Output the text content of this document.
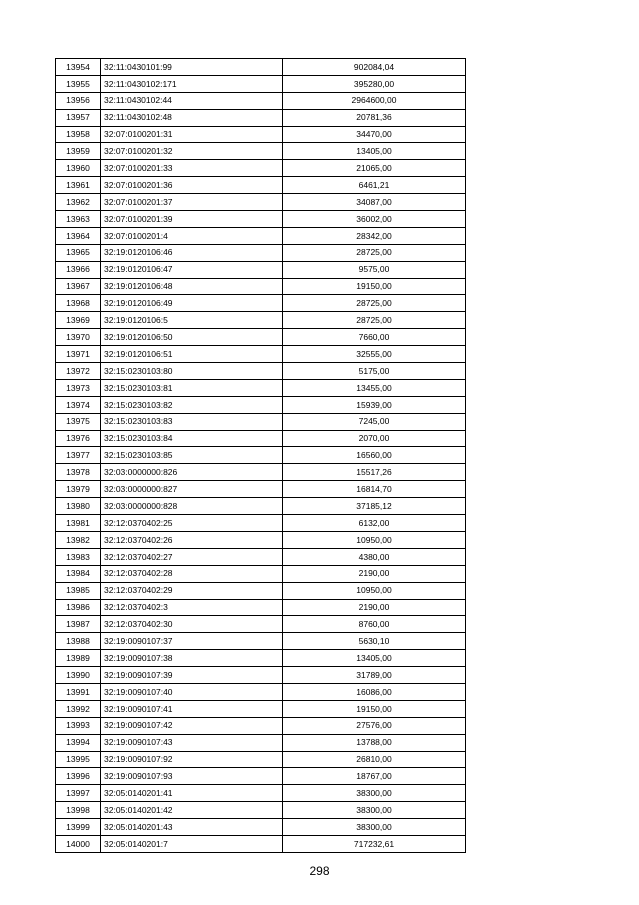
13954	32:11:0430101:99	902084,04
13955	32:11:0430102:171	395280,00
13956	32:11:0430102:44	2964600,00
13957	32:11:0430102:48	20781,36
13958	32:07:0100201:31	34470,00
13959	32:07:0100201:32	13405,00
13960	32:07:0100201:33	21065,00
13961	32:07:0100201:36	6461,21
13962	32:07:0100201:37	34087,00
13963	32:07:0100201:39	36002,00
13964	32:07:0100201:4	28342,00
13965	32:19:0120106:46	28725,00
13966	32:19:0120106:47	9575,00
13967	32:19:0120106:48	19150,00
13968	32:19:0120106:49	28725,00
13969	32:19:0120106:5	28725,00
13970	32:19:0120106:50	7660,00
13971	32:19:0120106:51	32555,00
13972	32:15:0230103:80	5175,00
13973	32:15:0230103:81	13455,00
13974	32:15:0230103:82	15939,00
13975	32:15:0230103:83	7245,00
13976	32:15:0230103:84	2070,00
13977	32:15:0230103:85	16560,00
13978	32:03:0000000:826	15517,26
13979	32:03:0000000:827	16814,70
13980	32:03:0000000:828	37185,12
13981	32:12:0370402:25	6132,00
13982	32:12:0370402:26	10950,00
13983	32:12:0370402:27	4380,00
13984	32:12:0370402:28	2190,00
13985	32:12:0370402:29	10950,00
13986	32:12:0370402:3	2190,00
13987	32:12:0370402:30	8760,00
13988	32:19:0090107:37	5630,10
13989	32:19:0090107:38	13405,00
13990	32:19:0090107:39	31789,00
13991	32:19:0090107:40	16086,00
13992	32:19:0090107:41	19150,00
13993	32:19:0090107:42	27576,00
13994	32:19:0090107:43	13788,00
13995	32:19:0090107:92	26810,00
13996	32:19:0090107:93	18767,00
13997	32:05:0140201:41	38300,00
13998	32:05:0140201:42	38300,00
13999	32:05:0140201:43	38300,00
14000	32:05:0140201:7	717232,61
298
